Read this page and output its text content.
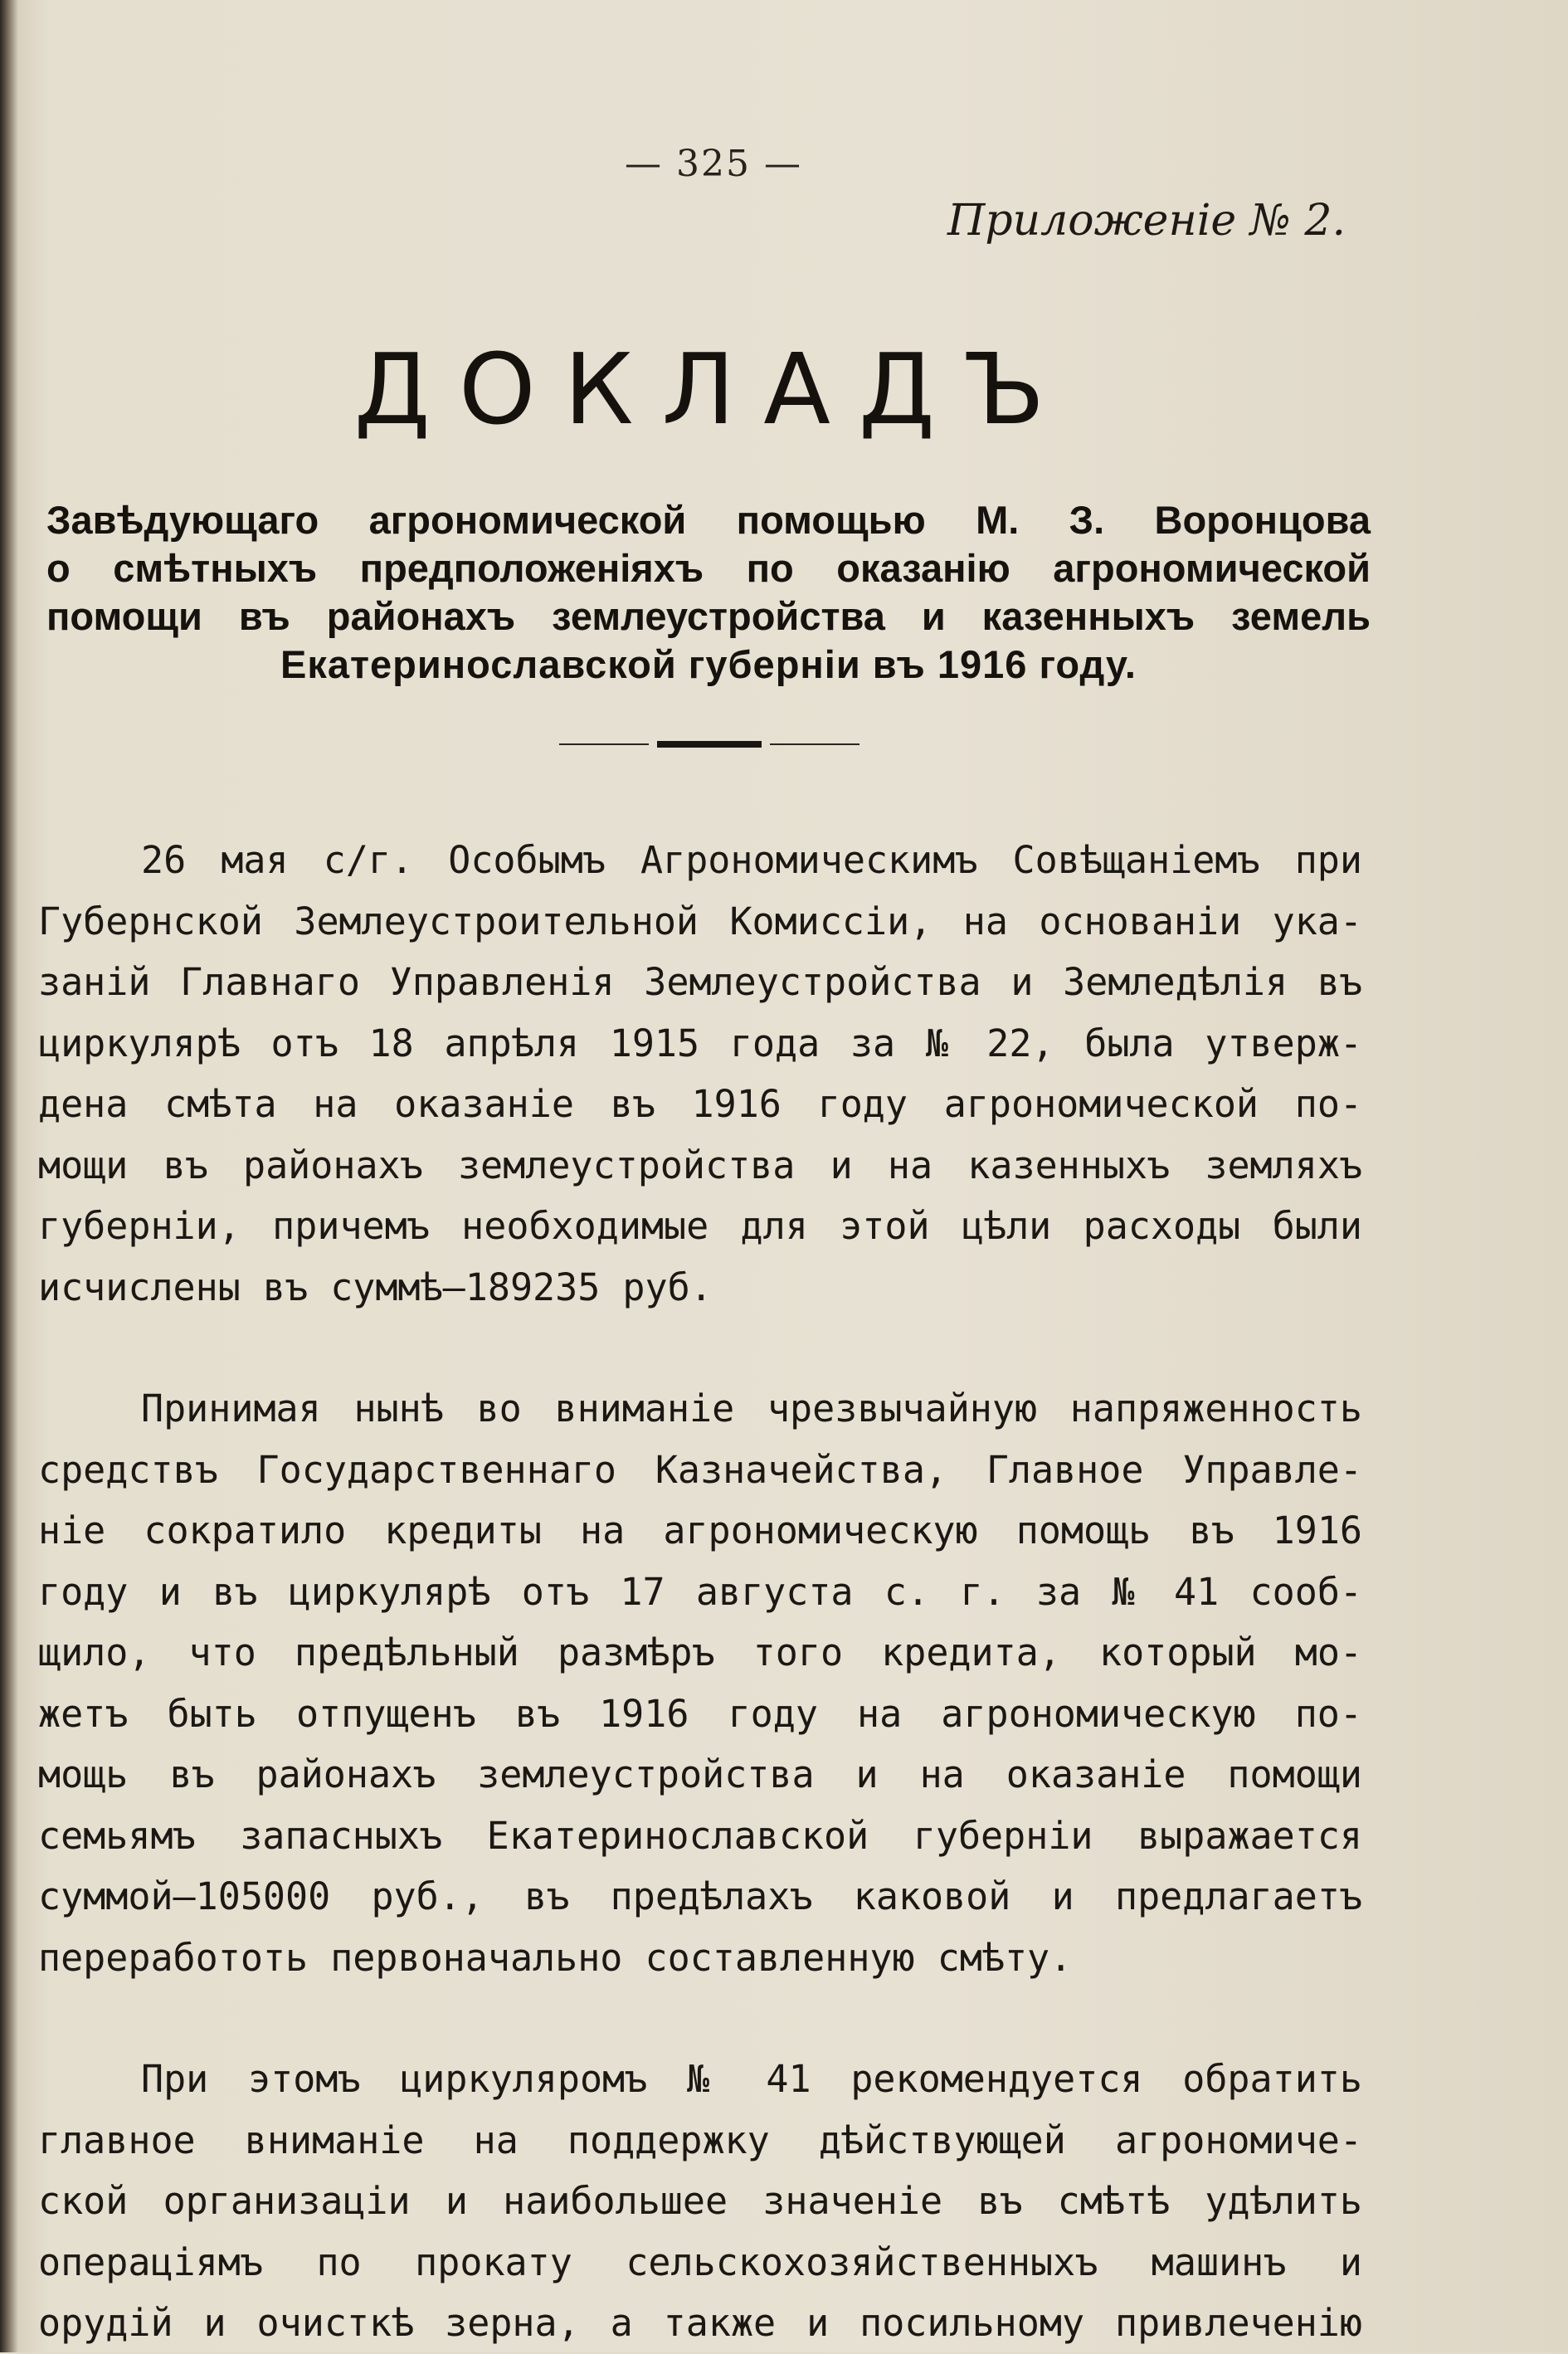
— 325 —
Приложеніе № 2.
ДОКЛАДЪ
Завѣдующаго агрономической помощью М. З. Воронцова
о смѣтныхъ предположеніяхъ по оказанію агрономической
помощи въ районахъ землеустройства и казенныхъ земель
Екатеринославской губерніи въ 1916 году.

26 мая с/г. Особымъ Агрономическимъ Совѣщаніемъ при
Губернской Землеустроительной Комиссіи, на основаніи ука-
заній Главнаго Управленія Землеустройства и Земледѣлія въ
циркулярѣ отъ 18 апрѣля 1915 года за № 22, была утверж-
дена смѣта на оказаніе въ 1916 году агрономической по-
мощи въ районахъ землеустройства и на казенныхъ земляхъ
губерніи, причемъ необходимые для этой цѣли расходы были
исчислены въ суммѣ—189235 руб.

Принимая нынѣ во вниманіе чрезвычайную напряженность
средствъ Государственнаго Казначейства, Главное Управле-
ніе сократило кредиты на агрономическую помощь въ 1916
году и въ циркулярѣ отъ 17 августа с. г. за № 41 сооб-
щило, что предѣльный размѣръ того кредита, который мо-
жетъ быть отпущенъ въ 1916 году на агрономическую по-
мощь въ районахъ землеустройства и на оказаніе помощи
семьямъ запасныхъ Екатеринославской губерніи выражается
суммой—105000 руб., въ предѣлахъ каковой и предлагаетъ
переработоть первоначально составленную смѣту.

При этомъ циркуляромъ № 41 рекомендуется обратить
главное вниманіе на поддержку дѣйствующей агрономиче-
ской организаціи и наибольшее значеніе въ смѣтѣ удѣлить
операціямъ по прокату сельскохозяйственныхъ машинъ и
орудій и очисткѣ зерна, а также и посильному привлеченію
